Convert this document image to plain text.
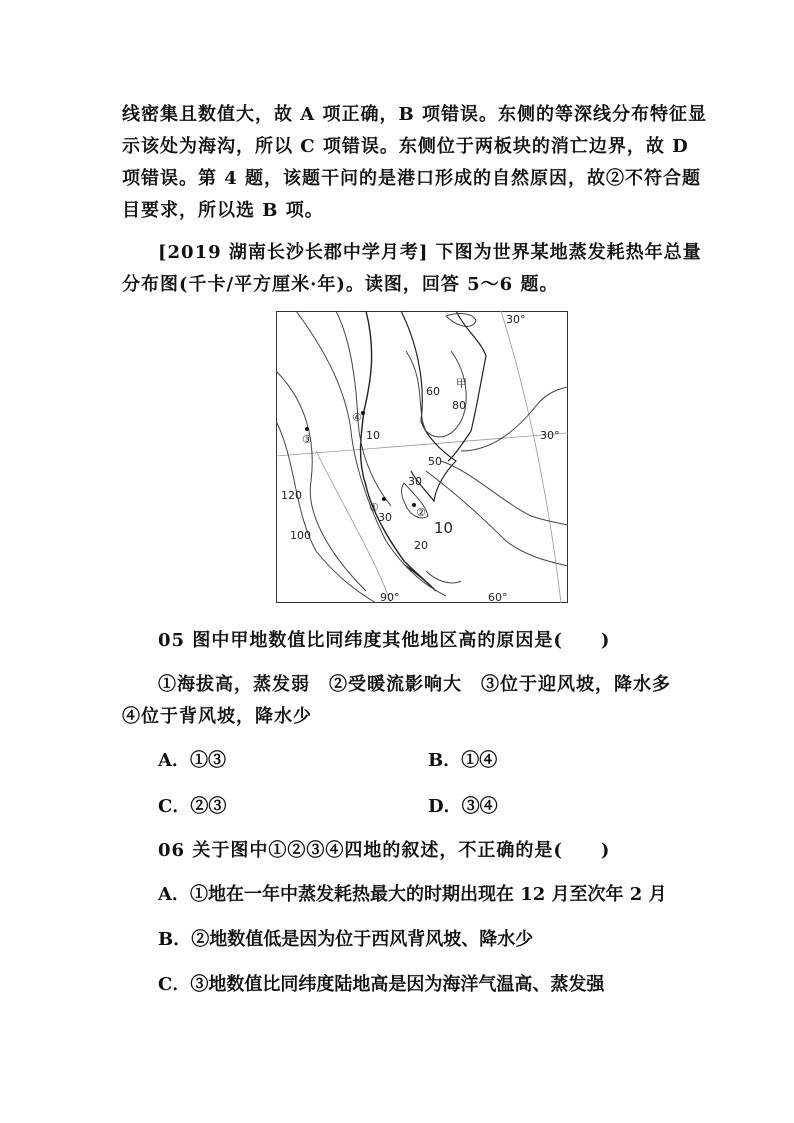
线密集且数值大，故 A 项正确，B 项错误。东侧的等深线分布特征显
示该处为海沟，所以 C 项错误。东侧位于两板块的消亡边界，故 D
项错误。第 4 题，该题干问的是港口形成的自然原因，故②不符合题
目要求，所以选 B 项。
[2019 湖南长沙长郡中学月考] 下图为世界某地蒸发耗热年总量
分布图(千卡/平方厘米·年)。读图，回答 5～6 题。
30°
30°
90°	60°
60
80
甲
10
50
30
30
10
20
120
100
①	②
③
④
05 图中甲地数值比同纬度其他地区高的原因是(　　)
①海拔高，蒸发弱　②受暖流影响大　③位于迎风坡，降水多
④位于背风坡，降水少
A．①③	B．①④
C．②③	D．③④
06 关于图中①②③④四地的叙述，不正确的是(　　)
A．①地在一年中蒸发耗热最大的时期出现在 12 月至次年 2 月
B．②地数值低是因为位于西风背风坡、降水少
C．③地数值比同纬度陆地高是因为海洋气温高、蒸发强
